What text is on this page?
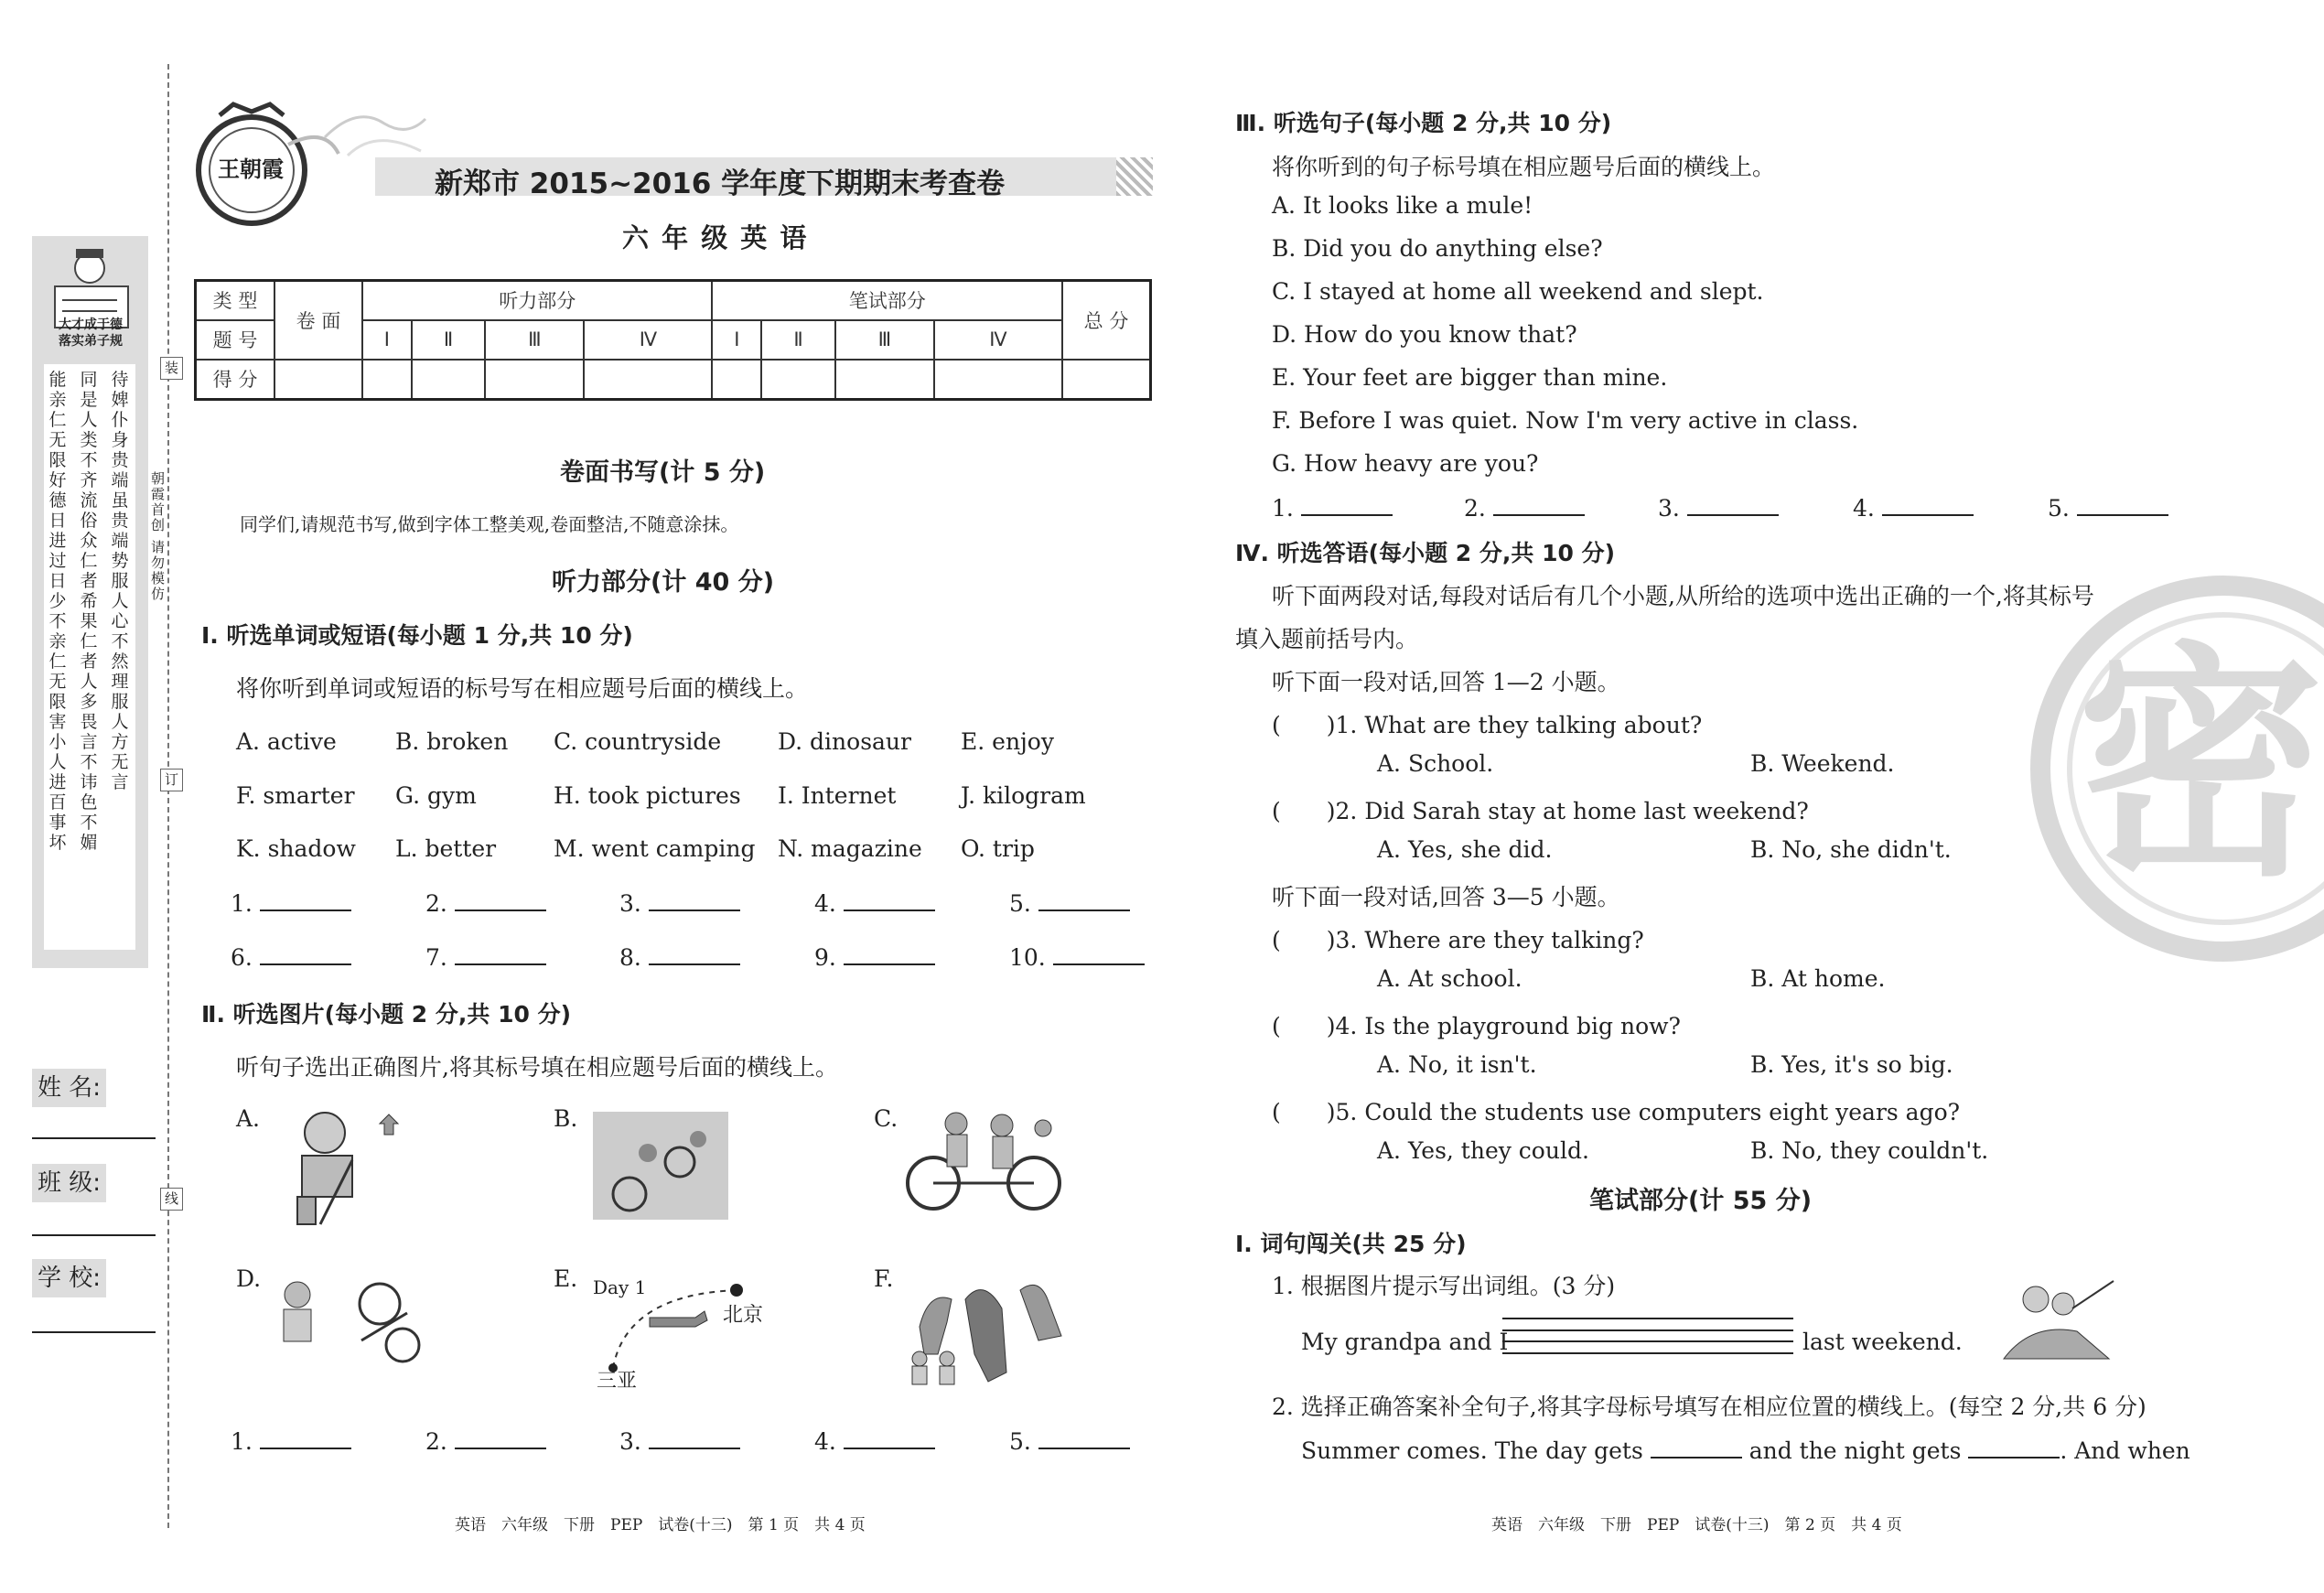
装
订
线
朝霞首创 请勿模仿
大才成于德
落实弟子规
待婢仆身贵端虽贵端势服人心不然理服人方无言
同是人类不齐流俗众仁者希果仁者人多畏言不讳色不媚
能亲仁无限好德日进过日少不亲仁无限害小人进百事坏
姓 名:
班 级:
学 校:
王朝霞	新郑市 2015~2016 学年度下期期末考查卷
六 年 级 英 语
类 型	卷 面	听力部分				笔试部分				总 分
题 号		Ⅰ	Ⅱ	Ⅲ	Ⅳ	Ⅰ	Ⅱ	Ⅲ	Ⅳ	
得 分										
卷面书写(计 5 分)
同学们,请规范书写,做到字体工整美观,卷面整洁,不随意涂抹。
听力部分(计 40 分)
Ⅰ. 听选单词或短语(每小题 1 分,共 10 分)
将你听到单词或短语的标号写在相应题号后面的横线上。
A. active	B. broken C. countryside D. dinosaur E. enjoy
F. smarter G. gym	H. took pictures I. Internet	J. kilogram
K. shadow L. better	M. went camping N. magazine O. trip
1.	2.	3.	4.	5.
6.	7.	8.	9.	10.
Ⅱ. 听选图片(每小题 2 分,共 10 分)
听句子选出正确图片,将其标号填在相应题号后面的横线上。
A.	B.	C.
D.	E. Day 1
北京
三亚
F.
1.	2.	3.	4.	5.
英语　六年级　下册　PEP　试卷(十三)　第 1 页　共 4 页
密
Ⅲ. 听选句子(每小题 2 分,共 10 分)
将你听到的句子标号填在相应题号后面的横线上。
A. It looks like a mule!
B. Did you do anything else?
C. I stayed at home all weekend and slept.
D. How do you know that?
E. Your feet are bigger than mine.
F. Before I was quiet. Now I'm very active in class.
G. How heavy are you?
1.	2.	3.	4.	5.
Ⅳ. 听选答语(每小题 2 分,共 10 分)
听下面两段对话,每段对话后有几个小题,从所给的选项中选出正确的一个,将其标号
填入题前括号内。
听下面一段对话,回答 1—2 小题。
(　　)1. What are they talking about?
A. School.	B. Weekend.
(　　)2. Did Sarah stay at home last weekend?
A. Yes, she did.	B. No, she didn't.
听下面一段对话,回答 3—5 小题。
(　　)3. Where are they talking?
A. At school.	B. At home.
(　　)4. Is the playground big now?
A. No, it isn't.	B. Yes, it's so big.
(　　)5. Could the students use computers eight years ago?
A. Yes, they could.	B. No, they couldn't.
笔试部分(计 55 分)
Ⅰ. 词句闯关(共 25 分)
1. 根据图片提示写出词组。(3 分)
My grandpa and I	last weekend.
2. 选择正确答案补全句子,将其字母标号填写在相应位置的横线上。(每空 2 分,共 6 分)
Summer comes. The day gets	and the night gets	. And when
英语　六年级　下册　PEP　试卷(十三)　第 2 页　共 4 页
